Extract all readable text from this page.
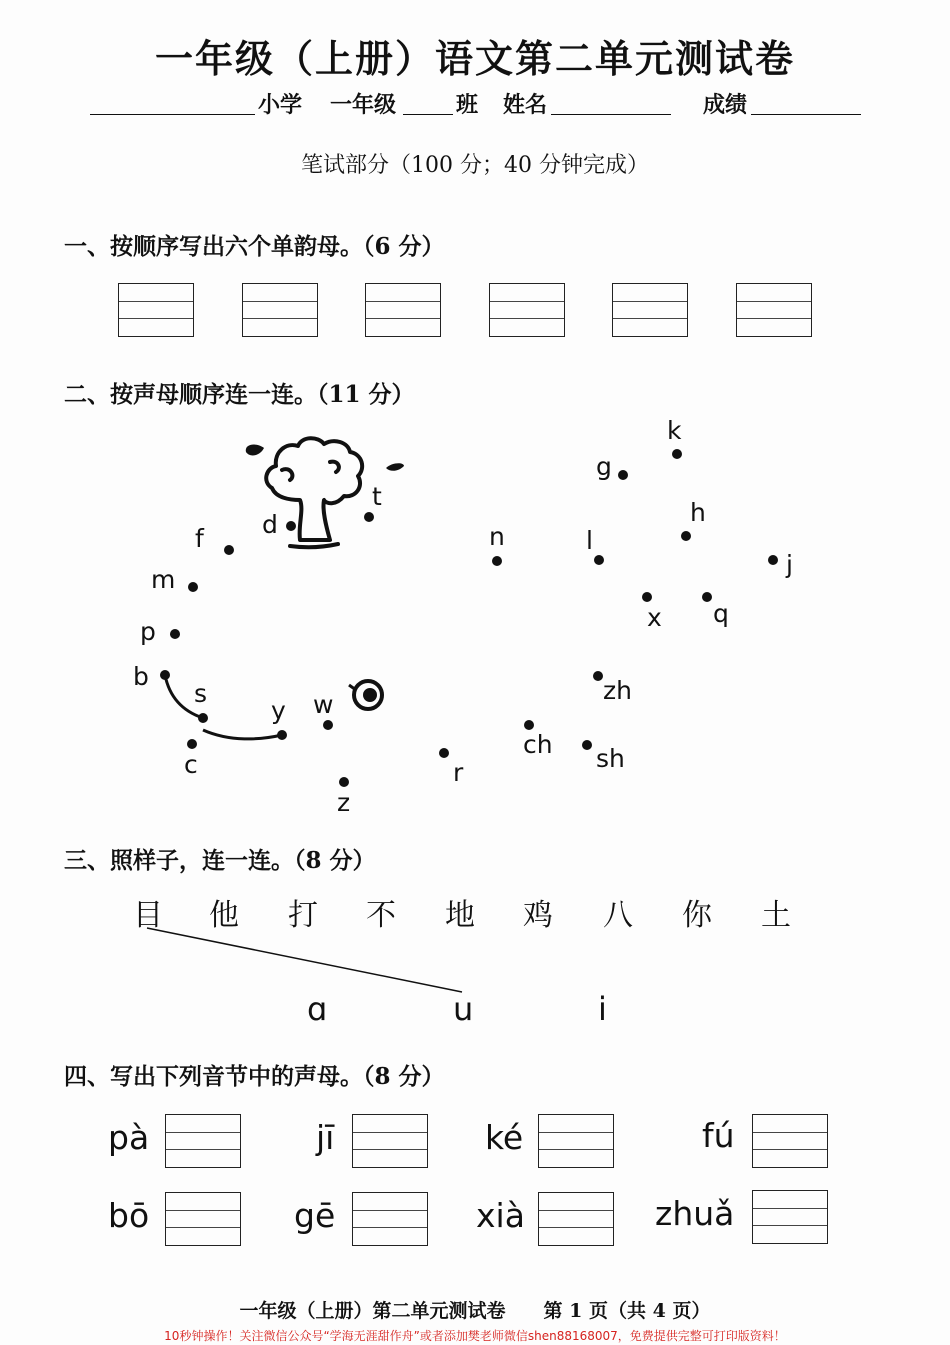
一年级（上册）语文第二单元测试卷
小学 一年级	班 姓名	成绩
笔试部分（100 分；40 分钟完成）
一、按顺序写出六个单韵母。（6 分）
二、按声母顺序连一连。（11 分）
k
g
t
d	h
f	n	l
j
m
x q
p
b
s	zh
y w
c
ch sh
r
z
三、照样子，连一连。（8 分）
目 他 打 不 地 鸡 八 你 土
ɑ	u	i
四、写出下列音节中的声母。（8 分）
pà	jī	ké	fú
bō	gē	xià	zhuǎ
一年级（上册）第二单元测试卷　　第 1 页（共 4 页）
10秒钟操作！关注微信公众号“学海无涯甜作舟”或者添加樊老师微信shen88168007，免费提供完整可打印版资料！
